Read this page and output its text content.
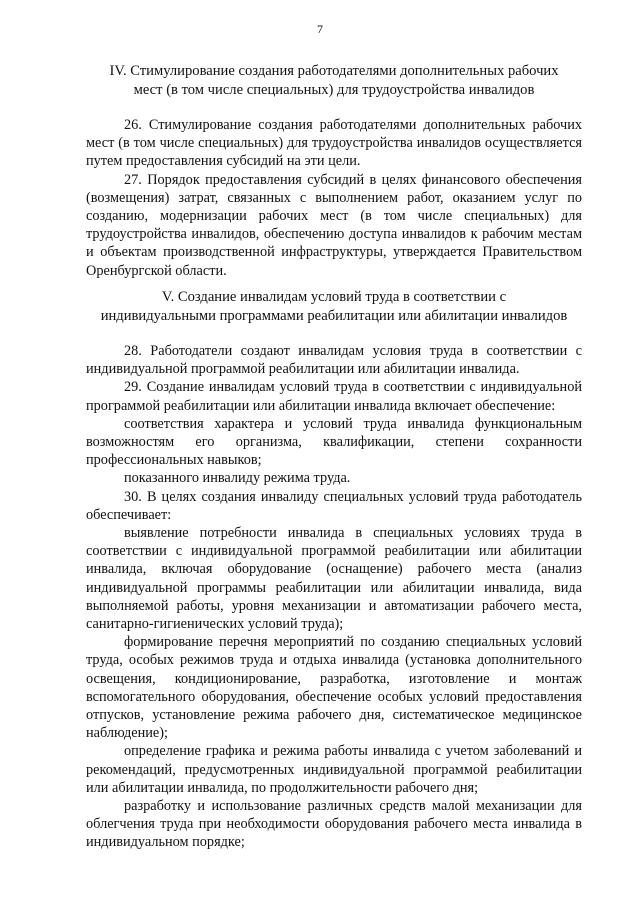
7

IV. Стимулирование создания работодателями дополнительных рабочих

мест (в том числе специальных) для трудоустройства инвалидов

26. Стимулирование создания работодателями дополнительных рабочих мест (в том числе специальных) для трудоустройства инвалидов осуществляется путем предоставления субсидий на эти цели.

27. Порядок предоставления субсидий в целях финансового обеспечения (возмещения) затрат, связанных с выполнением работ, оказанием услуг по созданию, модернизации рабочих мест (в том числе специальных) для трудоустройства инвалидов, обеспечению доступа инвалидов к рабочим местам и объектам производственной инфраструктуры, утверждается Правительством Оренбургской области.

V. Создание инвалидам условий труда в соответствии с

индивидуальными программами реабилитации или абилитации инвалидов

28. Работодатели создают инвалидам условия труда в соответствии с индивидуальной программой реабилитации или абилитации инвалида.

29. Создание инвалидам условий труда в соответствии с индивидуальной программой реабилитации или абилитации инвалида включает обеспечение:

соответствия характера и условий труда инвалида функциональным возможностям его организма, квалификации, степени сохранности профессиональных навыков;

показанного инвалиду режима труда.

30. В целях создания инвалиду специальных условий труда работодатель обеспечивает:

выявление потребности инвалида в специальных условиях труда в соответствии с индивидуальной программой реабилитации или абилитации инвалида, включая оборудование (оснащение) рабочего места (анализ индивидуальной программы реабилитации или абилитации инвалида, вида выполняемой работы, уровня механизации и автоматизации рабочего места, санитарно-гигиенических условий труда);

формирование перечня мероприятий по созданию специальных условий труда, особых режимов труда и отдыха инвалида (установка дополнительного освещения, кондиционирование, разработка, изготовление и монтаж вспомогательного оборудования, обеспечение особых условий предоставления отпусков, установление режима рабочего дня, систематическое медицинское наблюдение);

определение графика и режима работы инвалида с учетом заболеваний и рекомендаций, предусмотренных индивидуальной программой реабилитации или абилитации инвалида, по продолжительности рабочего дня;

разработку и использование различных средств малой механизации для облегчения труда при необходимости оборудования рабочего места инвалида в индивидуальном порядке;
